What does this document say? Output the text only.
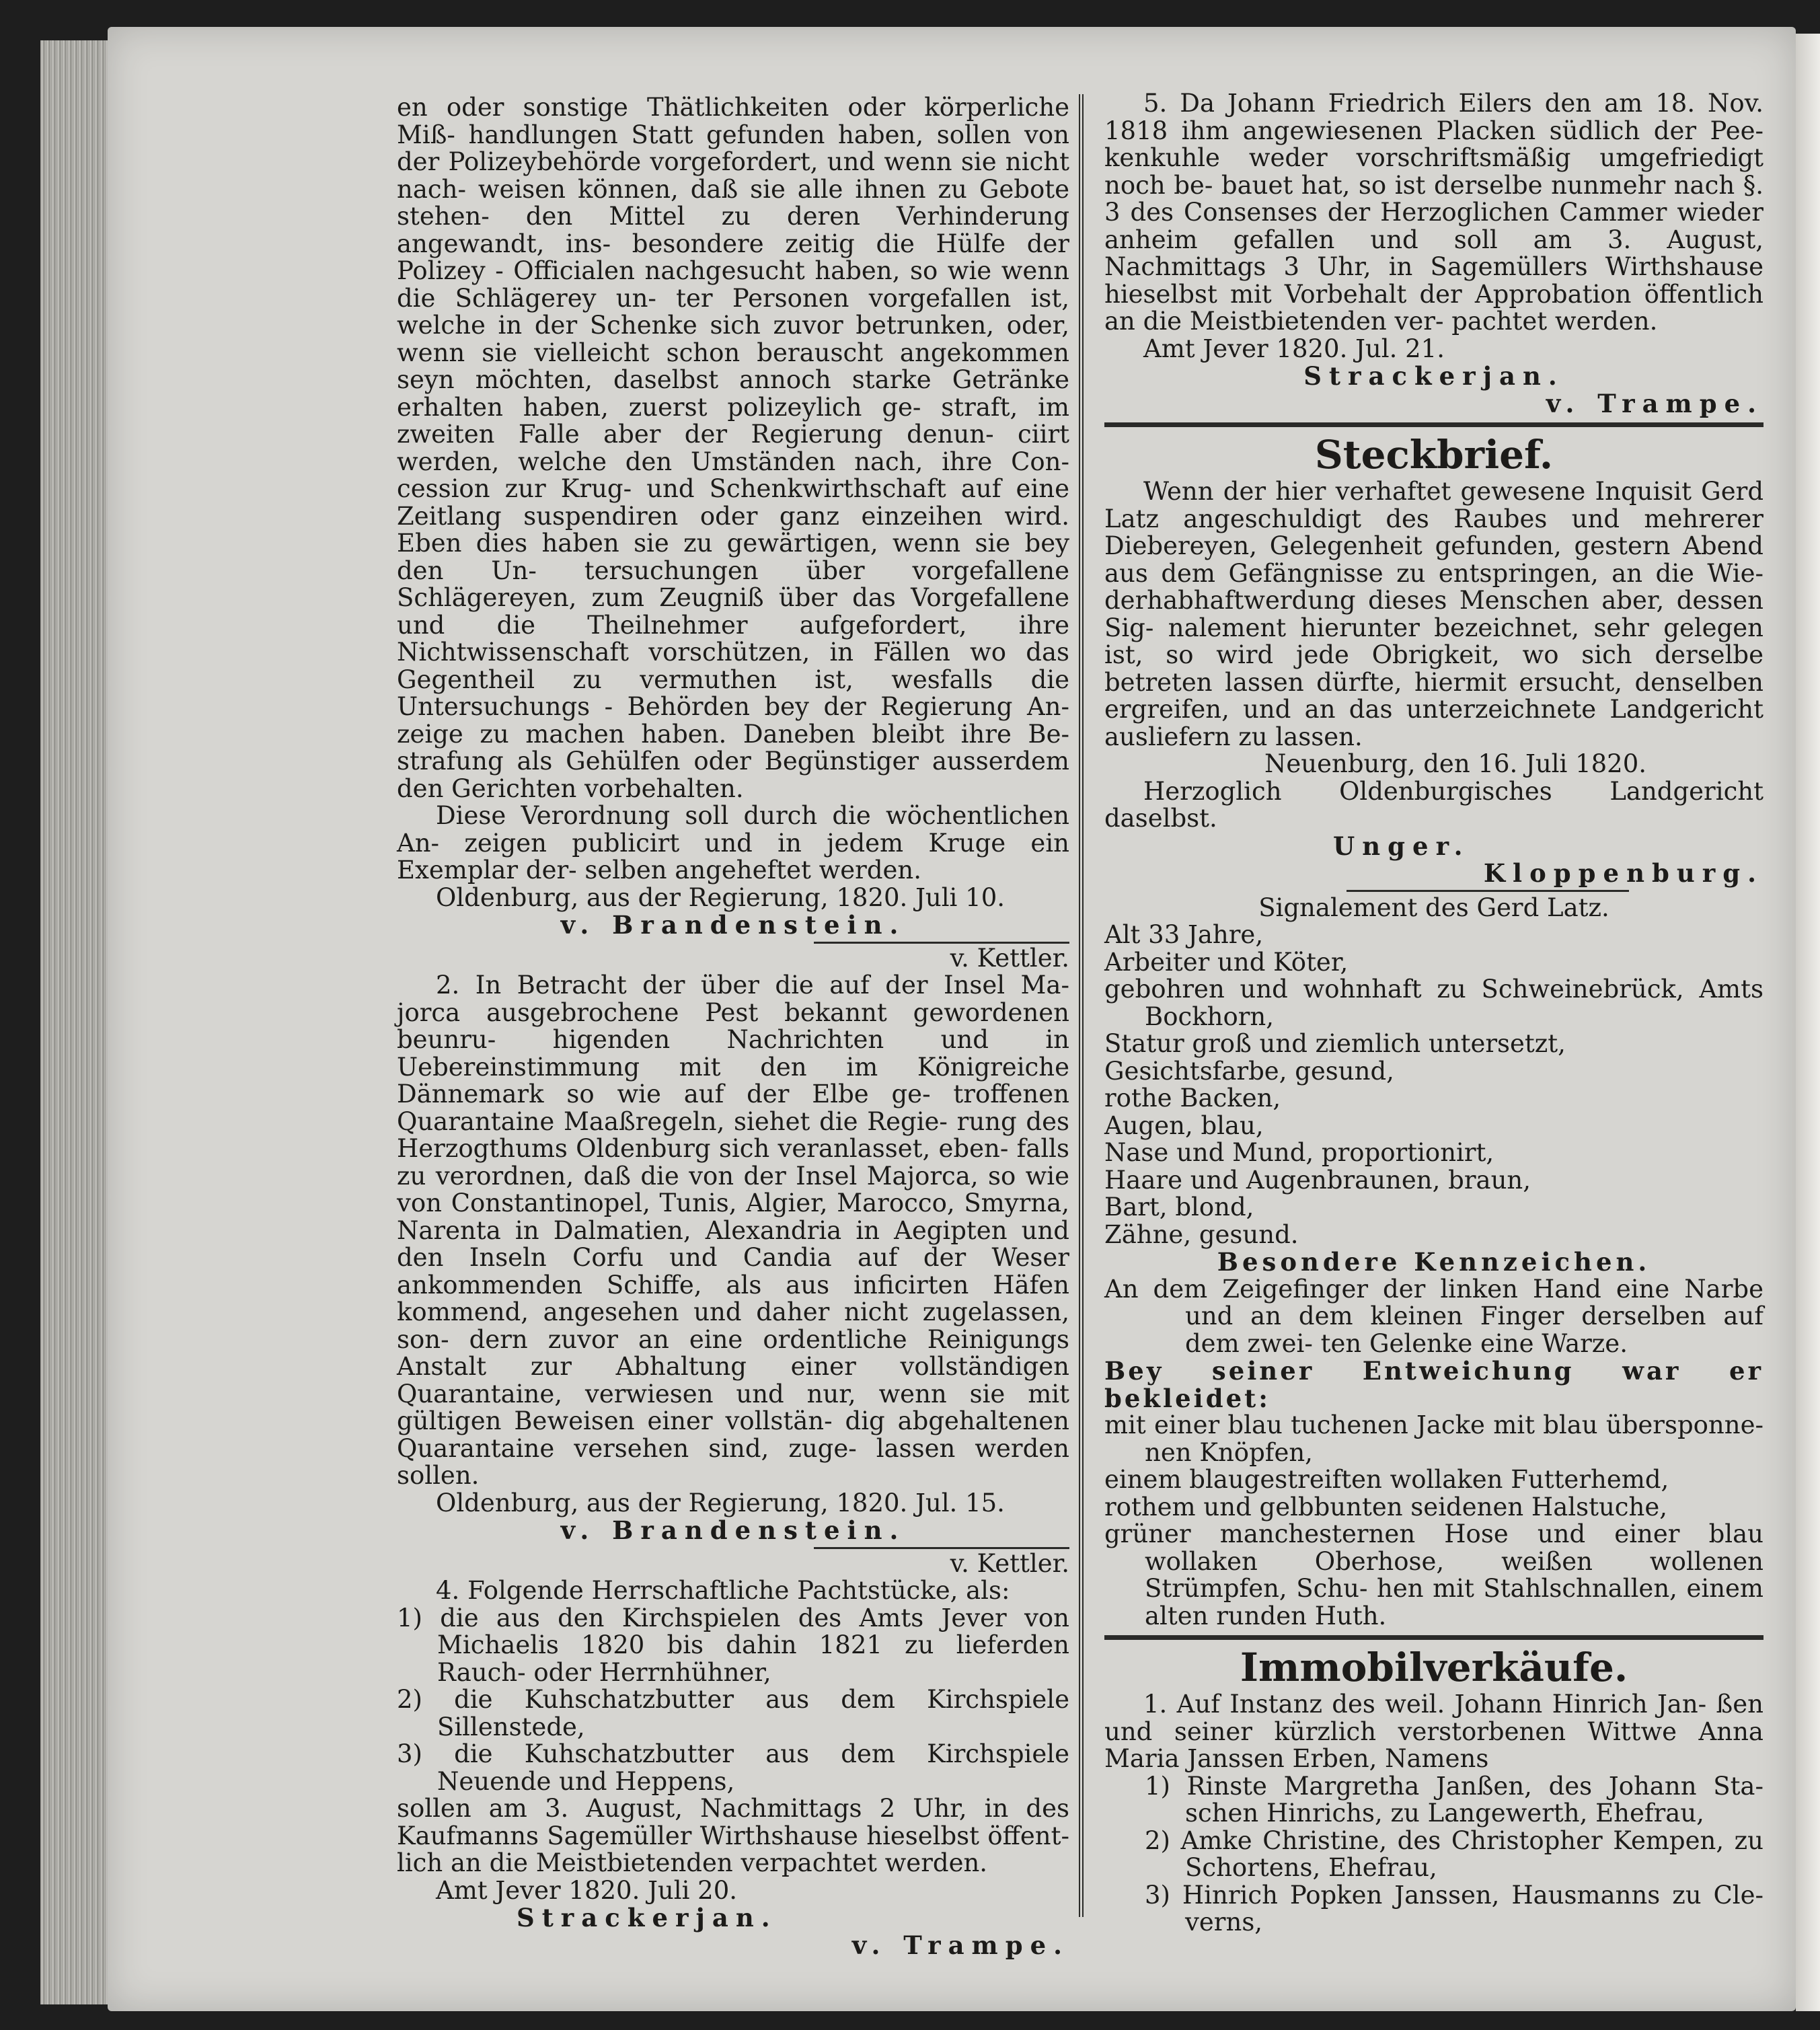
en oder sonstige Thätlichkeiten oder körperliche Miß- handlungen Statt gefunden haben, sollen von der Polizeybehörde vorgefordert, und wenn sie nicht nach- weisen können, daß sie alle ihnen zu Gebote stehen- den Mittel zu deren Verhinderung angewandt, ins- besondere zeitig die Hülfe der Polizey - Officialen nachgesucht haben, so wie wenn die Schlägerey un- ter Personen vorgefallen ist, welche in der Schenke sich zuvor betrunken, oder, wenn sie vielleicht schon berauscht angekommen seyn möchten, daselbst annoch starke Getränke erhalten haben, zuerst polizeylich ge- straft, im zweiten Falle aber der Regierung denun- ciirt werden, welche den Umständen nach, ihre Con- cession zur Krug- und Schenkwirthschaft auf eine Zeitlang suspendiren oder ganz einzeihen wird. Eben dies haben sie zu gewärtigen, wenn sie bey den Un- tersuchungen über vorgefallene Schlägereyen, zum Zeugniß über das Vorgefallene und die Theilnehmer aufgefordert, ihre Nichtwissenschaft vorschützen, in Fällen wo das Gegentheil zu vermuthen ist, wesfalls die Untersuchungs - Behörden bey der Regierung An- zeige zu machen haben. Daneben bleibt ihre Be- strafung als Gehülfen oder Begünstiger ausserdem den Gerichten vorbehalten.

Diese Verordnung soll durch die wöchentlichen An- zeigen publicirt und in jedem Kruge ein Exemplar der- selben angeheftet werden.

Oldenburg, aus der Regierung, 1820. Juli 10.

v. Brandenstein.

v. Kettler.

2. In Betracht der über die auf der Insel Ma- jorca ausgebrochene Pest bekannt gewordenen beunru- higenden Nachrichten und in Uebereinstimmung mit den im Königreiche Dännemark so wie auf der Elbe ge- troffenen Quarantaine Maaßregeln, siehet die Regie- rung des Herzogthums Oldenburg sich veranlasset, eben- falls zu verordnen, daß die von der Insel Majorca, so wie von Constantinopel, Tunis, Algier, Marocco, Smyrna, Narenta in Dalmatien, Alexandria in Aegipten und den Inseln Corfu und Candia auf der Weser ankommenden Schiffe, als aus inficirten Häfen kommend, angesehen und daher nicht zugelassen, son- dern zuvor an eine ordentliche Reinigungs Anstalt zur Abhaltung einer vollständigen Quarantaine, verwiesen und nur, wenn sie mit gültigen Beweisen einer vollstän- dig abgehaltenen Quarantaine versehen sind, zuge- lassen werden sollen.

Oldenburg, aus der Regierung, 1820. Jul. 15.

v. Brandenstein.

v. Kettler.

4. Folgende Herrschaftliche Pachtstücke, als:

1) die aus den Kirchspielen des Amts Jever von Michaelis 1820 bis dahin 1821 zu lieferden Rauch- oder Herrnhühner,

2) die Kuhschatzbutter aus dem Kirchspiele Sillenstede,

3) die Kuhschatzbutter aus dem Kirchspiele Neuende und Heppens,

sollen am 3. August, Nachmittags 2 Uhr, in des Kaufmanns Sagemüller Wirthshause hieselbst öffent- lich an die Meistbietenden verpachtet werden.

Amt Jever 1820. Juli 20.

Strackerjan.

v. Trampe.

5. Da Johann Friedrich Eilers den am 18. Nov. 1818 ihm angewiesenen Placken südlich der Pee- kenkuhle weder vorschriftsmäßig umgefriedigt noch be- bauet hat, so ist derselbe nunmehr nach §. 3 des Consenses der Herzoglichen Cammer wieder anheim gefallen und soll am 3. August, Nachmittags 3 Uhr, in Sagemüllers Wirthshause hieselbst mit Vorbehalt der Approbation öffentlich an die Meistbietenden ver- pachtet werden.

Amt Jever 1820. Jul. 21.

Strackerjan.

v. Trampe.

Steckbrief.

Wenn der hier verhaftet gewesene Inquisit Gerd Latz angeschuldigt des Raubes und mehrerer Diebereyen, Gelegenheit gefunden, gestern Abend aus dem Gefängnisse zu entspringen, an die Wie- derhabhaftwerdung dieses Menschen aber, dessen Sig- nalement hierunter bezeichnet, sehr gelegen ist, so wird jede Obrigkeit, wo sich derselbe betreten lassen dürfte, hiermit ersucht, denselben ergreifen, und an das unterzeichnete Landgericht ausliefern zu lassen.

Neuenburg, den 16. Juli 1820.

Herzoglich Oldenburgisches Landgericht daselbst.

Unger.

Kloppenburg.

Signalement des Gerd Latz.

Alt 33 Jahre,

Arbeiter und Köter,

gebohren und wohnhaft zu Schweinebrück, Amts Bockhorn,

Statur groß und ziemlich untersetzt,

Gesichtsfarbe, gesund,

rothe Backen,

Augen, blau,

Nase und Mund, proportionirt,

Haare und Augenbraunen, braun,

Bart, blond,

Zähne, gesund.

Besondere Kennzeichen.

An dem Zeigefinger der linken Hand eine Narbe und an dem kleinen Finger derselben auf dem zwei- ten Gelenke eine Warze.

Bey seiner Entweichung war er bekleidet:

mit einer blau tuchenen Jacke mit blau übersponne- nen Knöpfen,

einem blaugestreiften wollaken Futterhemd,

rothem und gelbbunten seidenen Halstuche,

grüner manchesternen Hose und einer blau wollaken Oberhose, weißen wollenen Strümpfen, Schu- hen mit Stahlschnallen, einem alten runden Huth.

Immobilverkäufe.

1. Auf Instanz des weil. Johann Hinrich Jan- ßen und seiner kürzlich verstorbenen Wittwe Anna Maria Janssen Erben, Namens

1) Rinste Margretha Janßen, des Johann Sta- schen Hinrichs, zu Langewerth, Ehefrau,

2) Amke Christine, des Christopher Kempen, zu Schortens, Ehefrau,

3) Hinrich Popken Janssen, Hausmanns zu Cle- verns,
